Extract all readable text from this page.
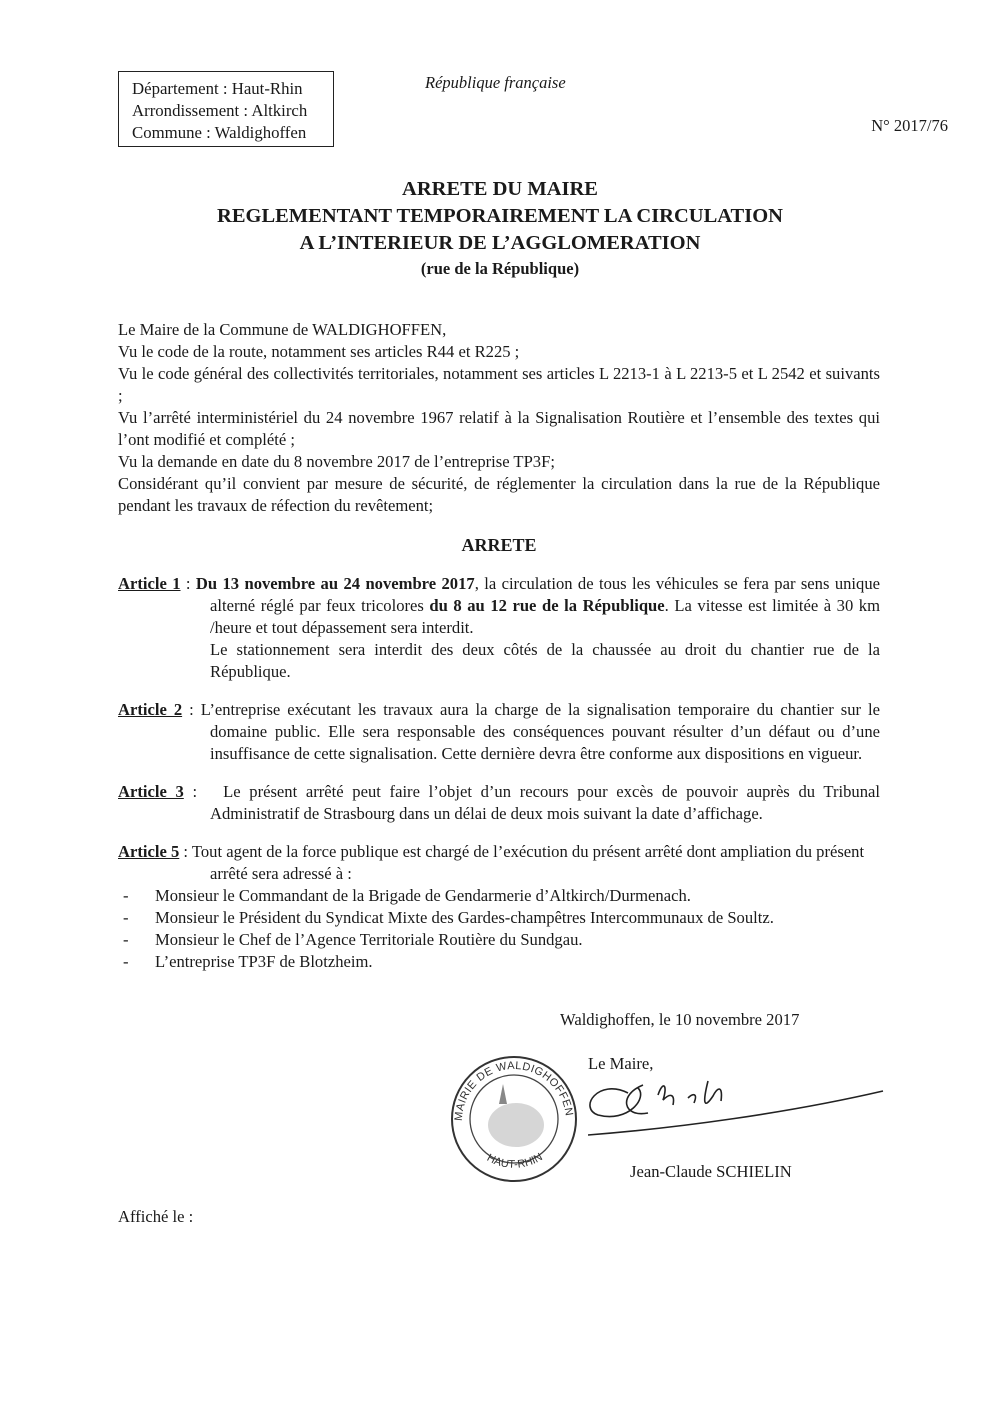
Département : Haut-Rhin
Arrondissement : Altkirch
Commune : Waldighoffen
République française
N° 2017/76
ARRETE DU MAIRE
REGLEMENTANT TEMPORAIREMENT LA CIRCULATION
A L’INTERIEUR DE L’AGGLOMERATION
(rue de la République)

Le Maire de la Commune de WALDIGHOFFEN,

Vu le code de la route, notamment ses articles R44 et R225 ;

Vu le code général des collectivités territoriales, notamment ses articles L 2213-1 à L 2213-5 et L 2542 et suivants ;

Vu l’arrêté interministériel du 24 novembre 1967 relatif à la Signalisation Routière et l’ensemble des textes qui l’ont modifié et complété ;

Vu la demande en date du 8 novembre 2017 de l’entreprise TP3F;

Considérant qu’il convient par mesure de sécurité, de réglementer la circulation dans la rue de la République pendant les travaux de réfection du revêtement;

ARRETE

Article 1 : Du 13 novembre au 24 novembre 2017, la circulation de tous les véhicules se fera par sens unique alterné réglé par feux tricolores du 8 au 12 rue de la République. La vitesse est limitée à 30 km /heure et tout dépassement sera interdit.

Le stationnement sera interdit des deux côtés de la chaussée au droit du chantier rue de la République.

Article 2 : L’entreprise exécutant les travaux aura la charge de la signalisation temporaire du chantier sur le domaine public. Elle sera responsable des conséquences pouvant résulter d’un défaut ou d’une insuffisance de cette signalisation. Cette dernière devra être conforme aux dispositions en vigueur.

Article 3 :   Le présent arrêté peut faire l’objet d’un recours pour excès de pouvoir auprès du Tribunal Administratif de Strasbourg dans un délai de deux mois suivant la date d’affichage.

Article 5 : Tout agent de la force publique est chargé de l’exécution du présent arrêté dont ampliation du présent arrêté sera adressé à :

- Monsieur le Commandant de la Brigade de Gendarmerie d’Altkirch/Durmenach.
- Monsieur le Président du Syndicat Mixte des Gardes-champêtres Intercommunaux de Soultz.
- Monsieur le Chef de l’Agence Territoriale Routière du Sundgau.
- L’entreprise TP3F de Blotzheim.
Waldighoffen, le 10 novembre 2017
Le Maire,
Jean-Claude SCHIELIN
MAIRIE DE WALDIGHOFFEN
HAUT-RHIN
Affiché le :
